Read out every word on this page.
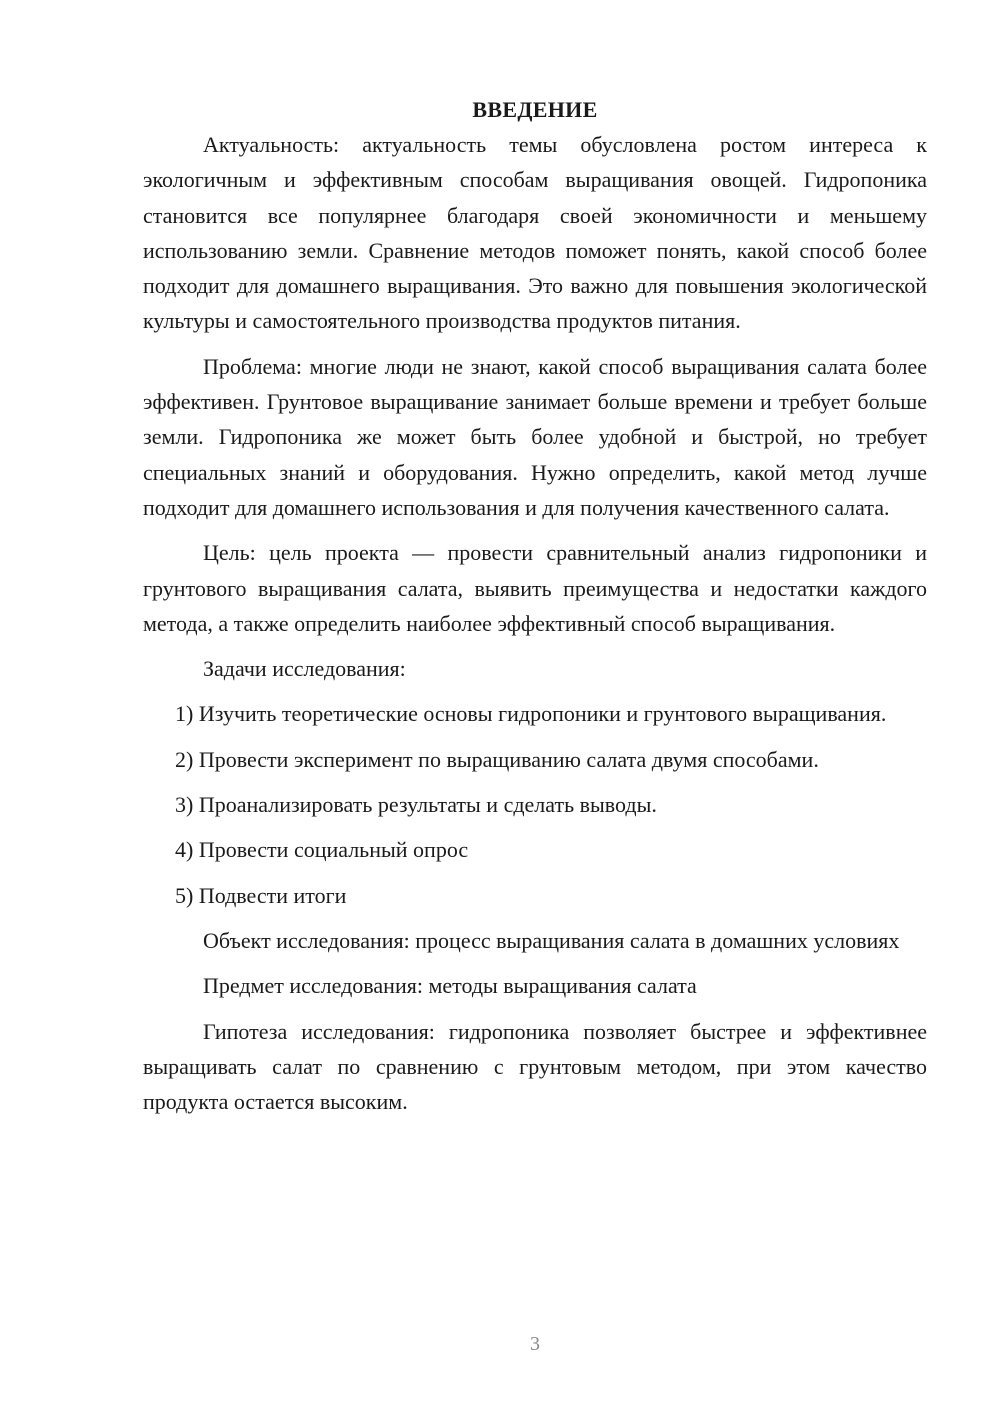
ВВЕДЕНИЕ

Актуальность: актуальность темы обусловлена ростом интереса к экологичным и эффективным способам выращивания овощей. Гидропоника становится все популярнее благодаря своей экономичности и меньшему использованию земли. Сравнение методов поможет понять, какой способ более подходит для домашнего выращивания. Это важно для повышения экологической культуры и самостоятельного производства продуктов питания.

Проблема: многие люди не знают, какой способ выращивания салата более эффективен. Грунтовое выращивание занимает больше времени и требует больше земли. Гидропоника же может быть более удобной и быстрой, но требует специальных знаний и оборудования. Нужно определить, какой метод лучше подходит для домашнего использования и для получения качественного салата.

Цель: цель проекта — провести сравнительный анализ гидропоники и грунтового выращивания салата, выявить преимущества и недостатки каждого метода, а также определить наиболее эффективный способ выращивания.

Задачи исследования:

1) Изучить теоретические основы гидропоники и грунтового выращивания.

2) Провести эксперимент по выращиванию салата двумя способами.

3) Проанализировать результаты и сделать выводы.

4) Провести социальный опрос

5) Подвести итоги

Объект исследования: процесс выращивания салата в домашних условиях

Предмет исследования: методы выращивания салата

Гипотеза исследования: гидропоника позволяет быстрее и эффективнее выращивать салат по сравнению с грунтовым методом, при этом качество продукта остается высоким.

3
